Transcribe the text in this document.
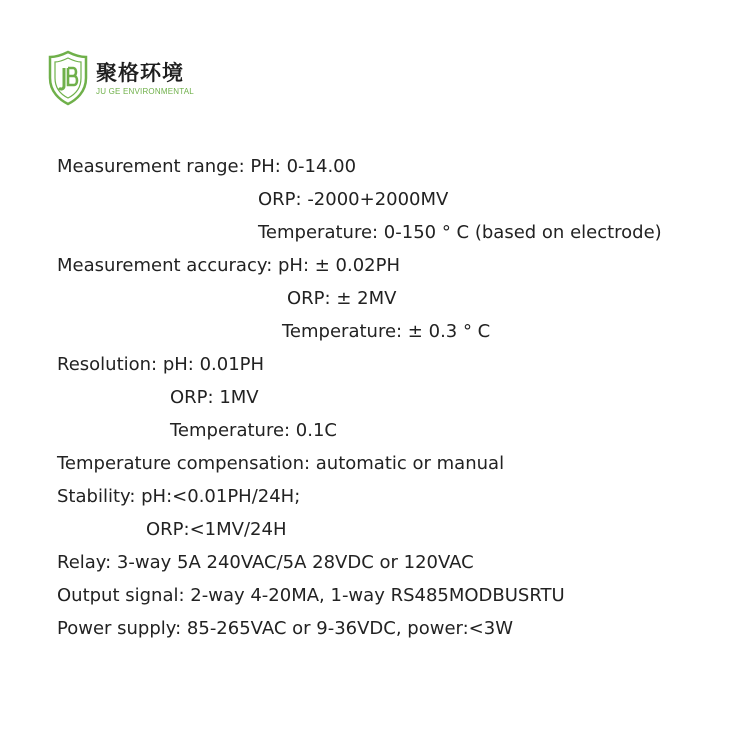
聚格环境
JU GE ENVIRONMENTAL
Measurement range: PH: 0-14.00
ORP: -2000+2000MV
Temperature: 0-150 ° C (based on electrode)
Measurement accuracy: pH: ± 0.02PH
ORP: ± 2MV
Temperature: ± 0.3 ° C
Resolution: pH: 0.01PH
ORP: 1MV
Temperature: 0.1C
Temperature compensation: automatic or manual
Stability: pH:<0.01PH/24H;
ORP:<1MV/24H
Relay: 3-way 5A 240VAC/5A 28VDC or 120VAC
Output signal: 2-way 4-20MA, 1-way RS485MODBUSRTU
Power supply: 85-265VAC or 9-36VDC, power:<3W
